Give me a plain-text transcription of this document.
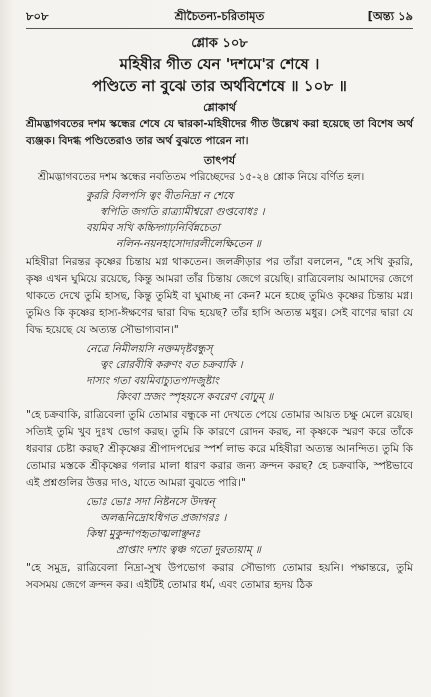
৮০৮	শ্রীচৈতন্য-চরিতামৃত	[অন্ত্য ১৯
শ্লোক ১০৮
মহিষীর গীত যেন 'দশমে'র শেষে ।
পণ্ডিতে না বুঝে তার অর্থবিশেষে ॥ ১০৮ ॥
শ্লোকার্থ

শ্রীমদ্ভাগবতের দশম স্কন্ধের শেষে যে দ্বারকা-মহিষীদের গীত উল্লেখ করা হয়েছে তা বিশেষ অর্থ ব্যঞ্জক। বিদগ্ধ পণ্ডিতেরাও তার অর্থ বুঝতে পারেন না।

তাৎপর্য

শ্রীমদ্ভাগবতের দশম স্কন্ধের নবতিতম পরিচ্ছেদের ১৫-২৪ শ্লোক নিয়ে বর্ণিত হল।

কুররি বিলপসি ত্বং বীতনিদ্রা ন শেষে
স্বপিতি জগতি রাত্র্যামীশ্বরো গুপ্তবোধঃ ।
বয়মিব সখি কচ্চিদ্গাঢ়নির্বিন্নচেতা
নলিন-নয়নহাসোদারলীলেক্ষিতেন ॥

মহিষীরা নিরন্তর কৃষ্ণের চিন্তায় মগ্ন থাকতেন। জলক্রীড়ার পর তাঁরা বললেন, "হে সখি কুররি, কৃষ্ণ এখন ঘুমিয়ে রয়েছে, কিন্তু আমরা তাঁর চিন্তায় জেগে রয়েছি। রাত্রিবেলায় আমাদের জেগে থাকতে দেখে তুমি হাসছ, কিন্তু তুমিই বা ঘুমাচ্ছ না কেন? মনে হচ্ছে তুমিও কৃষ্ণের চিন্তায় মগ্ন। তুমিও কি কৃষ্ণের হাস্য-ঈক্ষণের দ্বারা বিদ্ধ হয়েছ? তাঁর হাসি অত্যন্ত মধুর। সেই বাণের দ্বারা যে বিদ্ধ হয়েছে যে অত্যন্ত সৌভাগ্যবান।"

নেত্রে নিমীলয়সি নক্তমদৃষ্টবন্ধুস্
ত্বং রোরবীষি করুণং বত চক্রবাকি ।
দাস্যং গতা বয়মিবাচ্যুতপাদজুষ্টাং
কিংবা স্রজং স্পৃহয়সে কবরেণ বোঢ়ুম্ ॥

"হে চক্রবাকি, রাত্রিবেলা তুমি তোমার বন্ধুকে না দেখতে পেয়ে তোমার আয়ত চক্ষু মেলে রয়েছ। সত্যিই তুমি খুব দুঃখ ভোগ করছ। তুমি কি কারণে রোদন করছ, না কৃষ্ণকে স্মরণ করে তাঁকে ধরবার চেষ্টা করছ? শ্রীকৃষ্ণের শ্রীপাদপদ্মের স্পর্শ লাভ করে মহিষীরা অত্যন্ত আনন্দিত। তুমি কি তোমার মস্তকে শ্রীকৃষ্ণের গলার মালা ধারণ করার জন্য ক্রন্দন করছ? হে চক্রবাকি, স্পষ্টভাবে এই প্রশ্নগুলির উত্তর দাও, যাতে আমরা বুঝতে পারি।"

ভোঃ ভোঃ সদা নিষ্টনসে উদন্বন্
অলব্ধনিদ্রোঽধিগত প্রজাগরঃ ।
কিম্বা মুকুন্দাপহৃতাত্মলাঞ্ছনঃ
প্রাপ্তাং দশাং ত্বঞ্চ গতো দুরত্যয়াম্ ॥

"হে সমুদ্র, রাত্রিবেলা নিদ্রা-সুখ উপভোগ করার সৌভাগ্য তোমার হয়নি। পক্ষান্তরে, তুমি সবসময় জেগে ক্রন্দন কর। এইটিই তোমার ধর্ম, এবং তোমার হৃদয় ঠিক
